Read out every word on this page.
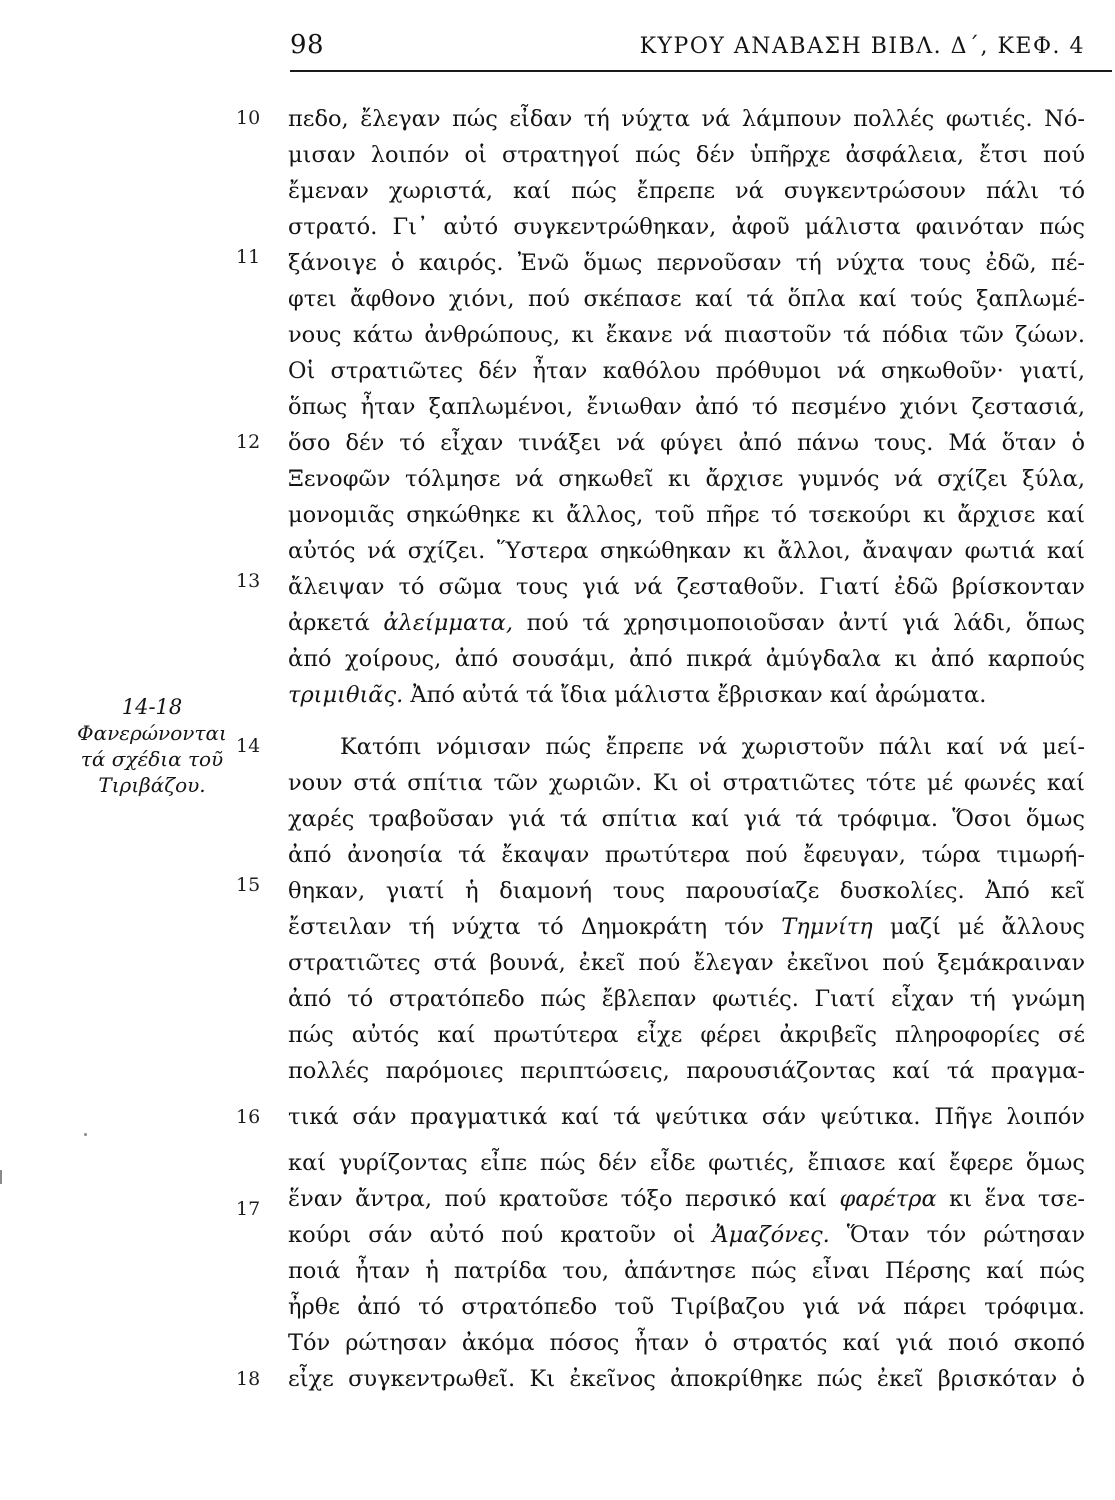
98	ΚΥΡΟΥ ΑΝΑΒΑΣΗ ΒΙΒΛ. Δ΄, ΚΕΦ. 4
14-18
Φανερώνονται
τά σχέδια τοῦ
Τιριβάζου.
10
11
12
13
14
15
16
17
18
πεδο, ἔλεγαν πώς εἶδαν τή νύχτα νά λάμπουν πολλές φωτιές. Νό-
μισαν λοιπόν οἱ στρατηγοί πώς δέν ὑπῆρχε ἀσφάλεια, ἔτσι πού
ἔμεναν χωριστά, καί πώς ἔπρεπε νά συγκεντρώσουν πάλι τό
στρατό. Γι᾿ αὐτό συγκεντρώθηκαν, ἀφοῦ μάλιστα φαινόταν πώς
ξάνοιγε ὁ καιρός. Ἐνῶ ὅμως περνοῦσαν τή νύχτα τους ἐδῶ, πέ-
φτει ἄφθονο χιόνι, πού σκέπασε καί τά ὅπλα καί τούς ξαπλωμέ-
νους κάτω ἀνθρώπους, κι ἔκανε νά πιαστοῦν τά πόδια τῶν ζώων.
Οἱ στρατιῶτες δέν ἦταν καθόλου πρόθυμοι νά σηκωθοῦν· γιατί,
ὅπως ἦταν ξαπλωμένοι, ἔνιωθαν ἀπό τό πεσμένο χιόνι ζεστασιά,
ὅσο δέν τό εἶχαν τινάξει νά φύγει ἀπό πάνω τους. Μά ὅταν ὁ
Ξενοφῶν τόλμησε νά σηκωθεῖ κι ἄρχισε γυμνός νά σχίζει ξύλα,
μονομιᾶς σηκώθηκε κι ἄλλος, τοῦ πῆρε τό τσεκούρι κι ἄρχισε καί
αὐτός νά σχίζει. Ὕστερα σηκώθηκαν κι ἄλλοι, ἄναψαν φωτιά καί
ἄλειψαν τό σῶμα τους γιά νά ζεσταθοῦν. Γιατί ἐδῶ βρίσκονταν
ἀρκετά ἀλείμματα, πού τά χρησιμοποιοῦσαν ἀντί γιά λάδι, ὅπως
ἀπό χοίρους, ἀπό σουσάμι, ἀπό πικρά ἀμύγδαλα κι ἀπό καρπούς
τριμιθιᾶς. Ἀπό αὐτά τά ἴδια μάλιστα ἔβρισκαν καί ἀρώματα.
Κατόπι νόμισαν πώς ἔπρεπε νά χωριστοῦν πάλι καί νά μεί-
νουν στά σπίτια τῶν χωριῶν. Κι οἱ στρατιῶτες τότε μέ φωνές καί
χαρές τραβοῦσαν γιά τά σπίτια καί γιά τά τρόφιμα. Ὅσοι ὅμως
ἀπό ἀνοησία τά ἔκαψαν πρωτύτερα πού ἔφευγαν, τώρα τιμωρή-
θηκαν, γιατί ἡ διαμονή τους παρουσίαζε δυσκολίες. Ἀπό κεῖ
ἔστειλαν τή νύχτα τό Δημοκράτη τόν Τημνίτη μαζί μέ ἄλλους
στρατιῶτες στά βουνά, ἐκεῖ πού ἔλεγαν ἐκεῖνοι πού ξεμάκραιναν
ἀπό τό στρατόπεδο πώς ἔβλεπαν φωτιές. Γιατί εἶχαν τή γνώμη
πώς αὐτός καί πρωτύτερα εἶχε φέρει ἀκριβεῖς πληροφορίες σέ
πολλές παρόμοιες περιπτώσεις, παρουσιάζοντας καί τά πραγμα-
τικά σάν πραγματικά καί τά ψεύτικα σάν ψεύτικα. Πῆγε λοιπόν
καί γυρίζοντας εἶπε πώς δέν εἶδε φωτιές, ἔπιασε καί ἔφερε ὅμως
ἕναν ἄντρα, πού κρατοῦσε τόξο περσικό καί φαρέτρα κι ἕνα τσε-
κούρι σάν αὐτό πού κρατοῦν οἱ Ἀμαζόνες. Ὅταν τόν ρώτησαν
ποιά ἦταν ἡ πατρίδα του, ἀπάντησε πώς εἶναι Πέρσης καί πώς
ἦρθε ἀπό τό στρατόπεδο τοῦ Τιρίβαζου γιά νά πάρει τρόφιμα.
Τόν ρώτησαν ἀκόμα πόσος ἦταν ὁ στρατός καί γιά ποιό σκοπό
εἶχε συγκεντρωθεῖ. Κι ἐκεῖνος ἀποκρίθηκε πώς ἐκεῖ βρισκόταν ὁ
